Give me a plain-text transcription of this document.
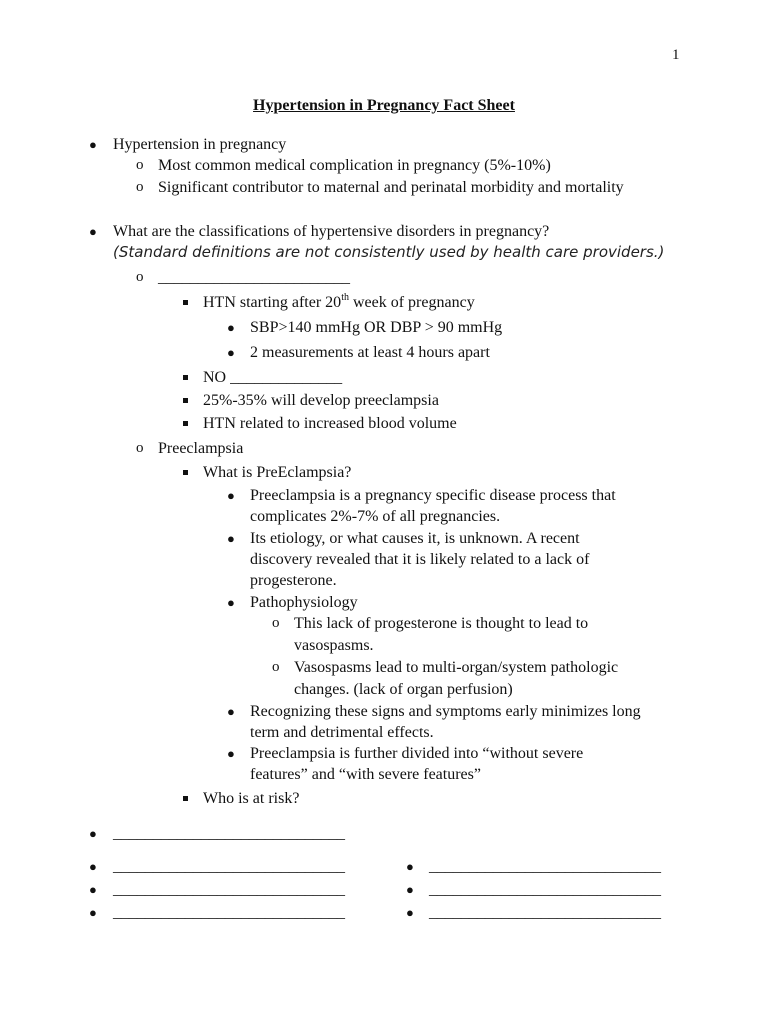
1
Hypertension in Pregnancy Fact Sheet
● Hypertension in pregnancy
o Most common medical complication in pregnancy (5%-10%)
o Significant contributor to maternal and perinatal morbidity and mortality
● What are the classifications of hypertensive disorders in pregnancy?
(Standard definitions are not consistently used by health care providers.)
o ________________________
HTN starting after 20th week of pregnancy
● SBP>140 mmHg OR DBP > 90 mmHg
● 2 measurements at least 4 hours apart
NO ______________
25%-35% will develop preeclampsia
HTN related to increased blood volume
o Preeclampsia
What is PreEclampsia?
● Preeclampsia is a pregnancy specific disease process that
complicates 2%-7% of all pregnancies.
● Its etiology, or what causes it, is unknown. A recent
discovery revealed that it is likely related to a lack of
progesterone.
● Pathophysiology
o This lack of progesterone is thought to lead to
vasospasms.
o Vasospasms lead to multi-organ/system pathologic
changes. (lack of organ perfusion)
● Recognizing these signs and symptoms early minimizes long
term and detrimental effects.
● Preeclampsia is further divided into “without severe
features” and “with severe features”
Who is at risk?
● _____________________________
● _____________________________
● _____________________________
● _____________________________
● _____________________________
● _____________________________
● _____________________________
